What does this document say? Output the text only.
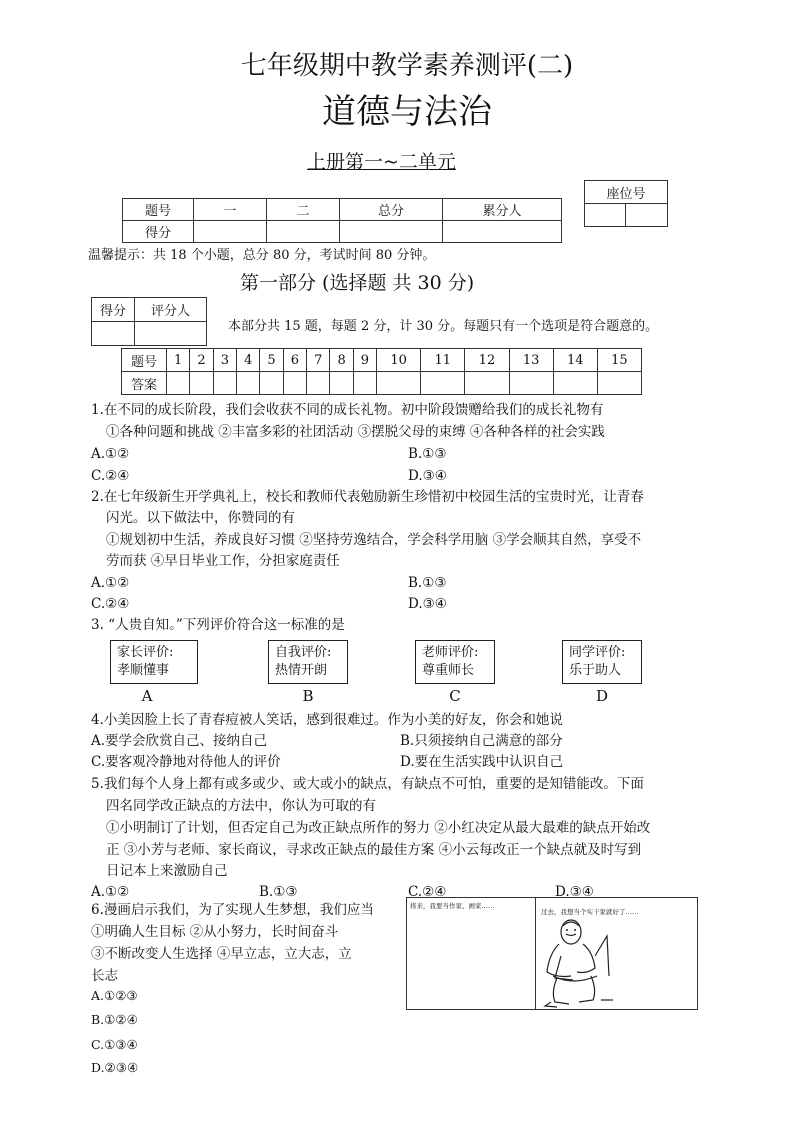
七年级期中教学素养测评(二)
道德与法治
上册第一~二单元
座位号

题号	一	二	总分	累分人
得分				
温馨提示：共 18 个小题，总分 80 分，考试时间 80 分钟。
第一部分 (选择题 共 30 分)
得分	评分人

本部分共 15 题，每题 2 分，计 30 分。每题只有一个选项是符合题意的。
题号	1	2	3	4	5	6	7	8	9	10	11	12	13	14	15
答案															
1.在不同的成长阶段，我们会收获不同的成长礼物。初中阶段馈赠给我们的成长礼物有
①各种问题和挑战 ②丰富多彩的社团活动 ③摆脱父母的束缚 ④各种各样的社会实践
A.①②	B.①③
C.②④	D.③④
2.在七年级新生开学典礼上，校长和教师代表勉励新生珍惜初中校园生活的宝贵时光，让青春
闪光。以下做法中，你赞同的有
①规划初中生活，养成良好习惯 ②坚持劳逸结合，学会科学用脑 ③学会顺其自然，享受不
劳而获 ④早日毕业工作，分担家庭责任
A.①②	B.①③
C.②④	D.③④
3. “人贵自知。”下列评价符合这一标准的是
家长评价:
孝顺懂事
A
自我评价:
热情开朗
B
老师评价:
尊重师长
C
同学评价:
乐于助人
D
4.小美因脸上长了青春痘被人笑话，感到很难过。作为小美的好友，你会和她说
A.要学会欣赏自己、接纳自己	B.只须接纳自己满意的部分
C.要客观冷静地对待他人的评价	D.要在生活实践中认识自己
5.我们每个人身上都有或多或少、或大或小的缺点，有缺点不可怕，重要的是知错能改。下面
四名同学改正缺点的方法中，你认为可取的有
①小明制订了计划，但否定自己为改正缺点所作的努力 ②小红决定从最大最难的缺点开始改
正 ③小芳与老师、家长商议，寻求改正缺点的最佳方案 ④小云每改正一个缺点就及时写到
日记本上来激励自己
A.①②	B.①③	C.②④	D.③④
6.漫画启示我们，为了实现人生梦想，我们应当
①明确人生目标 ②从小努力，长时间奋斗
③不断改变人生选择 ④早立志，立大志，立
长志
A.①②③
B.①②④
C.①③④
D.②③④
将来，我要当作家、画家……
过去，我想当个实干家就好了……
